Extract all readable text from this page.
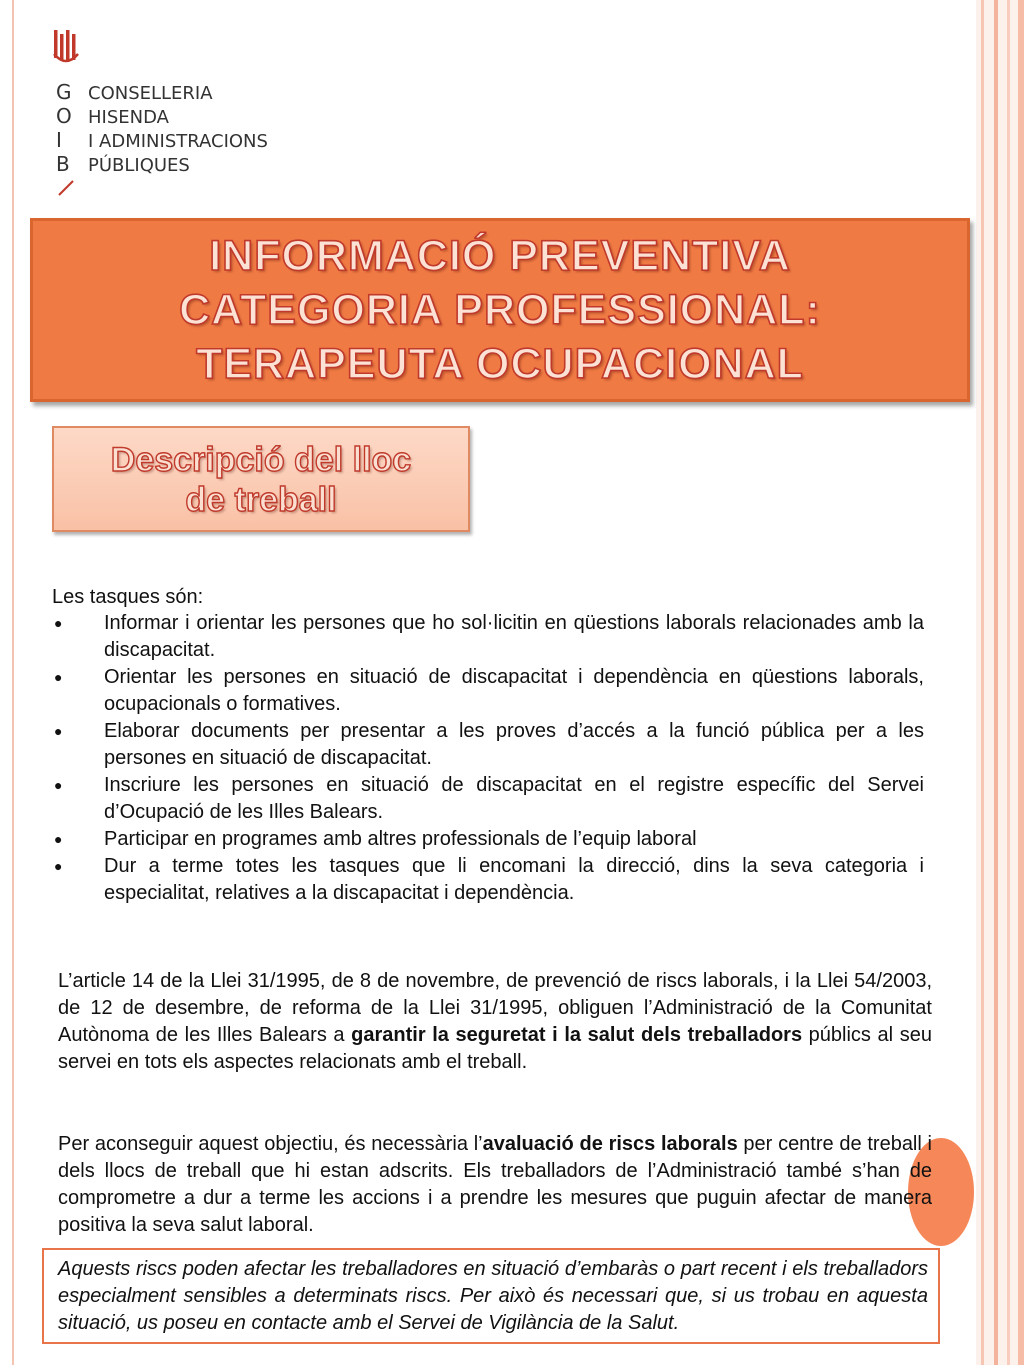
G
O
I
B
CONSELLERIA
HISENDA
I ADMINISTRACIONS
PÚBLIQUES
INFORMACIÓ PREVENTIVA
CATEGORIA PROFESSIONAL:
TERAPEUTA OCUPACIONAL
Descripció del lloc
de treball
Les tasques són:
● Informar i orientar les persones que ho sol·licitin en qüestions laborals relacionades amb la discapacitat.
● Orientar les persones en situació de discapacitat i dependència en qüestions laborals, ocupacionals o formatives.
● Elaborar documents per presentar a les proves d’accés a la funció pública per a les persones en situació de discapacitat.
● Inscriure les persones en situació de discapacitat en el registre específic del Servei d’Ocupació de les Illes Balears.
● Participar en programes amb altres professionals de l’equip laboral
● Dur a terme totes les tasques que li encomani la direcció, dins la seva categoria i especialitat, relatives a la discapacitat i dependència.
L’article 14 de la Llei 31/1995, de 8 de novembre, de prevenció de riscs laborals, i la Llei 54/2003, de 12 de desembre, de reforma de la Llei 31/1995, obliguen l’Administració de la Comunitat Autònoma de les Illes Balears a garantir la seguretat i la salut dels treballadors públics al seu servei en tots els aspectes relacionats amb el treball.
Per aconseguir aquest objectiu, és necessària l’avaluació de riscs laborals per centre de treball i dels llocs de treball que hi estan adscrits. Els treballadors de l’Administració també s’han de comprometre a dur a terme les accions i a prendre les mesures que puguin afectar de manera positiva la seva salut laboral.
Aquests riscs poden afectar les treballadores en situació d’embaràs o part recent i els treballadors especialment sensibles a determinats riscs. Per això és necessari que, si us trobau en aquesta situació, us poseu en contacte amb el Servei de Vigilància de la Salut.
